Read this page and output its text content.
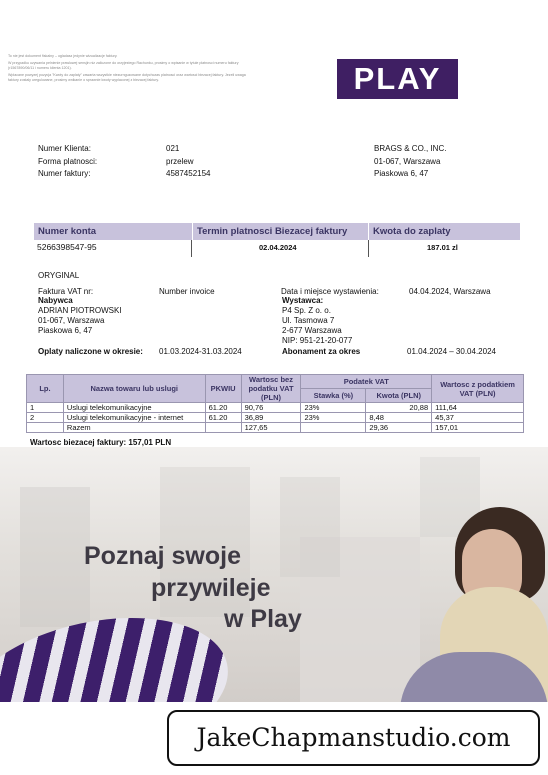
To nie jest dokument fiskalny – ogladasz jedynie wizualizacje faktury.

W przypadku uzywania pelnienie prawlowej sensjin niz zaliczone do orzyjestego Rachunku, prosimy o wpisanie w tytule platnosci numeru faktury (r1567890/06/11 i numeru klienta 1201).

Wplacane powyzej pozycja "Kwoty do zaplaty" zawarta wszystkie niezurnguzowane dotychczas platnosci oraz wartosci biezacej faktury. Jezeli uwaga faktury zostaly uregulowane, prosimy wnikanie o sprawnie kwoty wyplaconej z biezacej faktury.	PLAY
Numer Klienta:	021
Forma platnosci:	przelew
Numer faktury:	4587452154
BRAGS & CO., INC.
01-067, Warszawa
Piaskowa 6, 47
Numer konta	Termin platnosci Biezacej faktury	Kwota do zaplaty
5266398547-95	02.04.2024	187.01 zl
ORYGINAL
Faktura VAT nr:	Number invoice	Data i miejsce wystawienia:	04.04.2024, Warszawa
Nabywca
ADRIAN PIOTROWSKI
01-067, Warszawa
Piaskowa 6, 47
Wystawca:
P4 Sp. Z o. o.
Ul. Tasmowa 7
2-677 Warszawa
NIP: 951-21-20-077
Oplaty naliczone w okresie: 01.03.2024-31.03.2024	Abonament za okres	01.04.2024 – 30.04.2024
Lp.	Nazwa towaru lub uslugi	PKWIU	Wartosc bez podatku VAT (PLN)	Podatek VAT		Wartosc z podatkiem VAT (PLN)
				Stawka (%)	Kwota (PLN)	
1	Uslugi telekomunikacyjne	61.20	90,76	23%	20,88	111,64
2	Uslugi telekomunikacyjne - internet	61.20	36,89	23%	8,48	45,37
	Razem		127,65		29,36	157,01
Wartosc biezacej faktury: 157,01 PLN
Poznaj swoje
przywileje
w Play
JakeChapmanstudio.com
